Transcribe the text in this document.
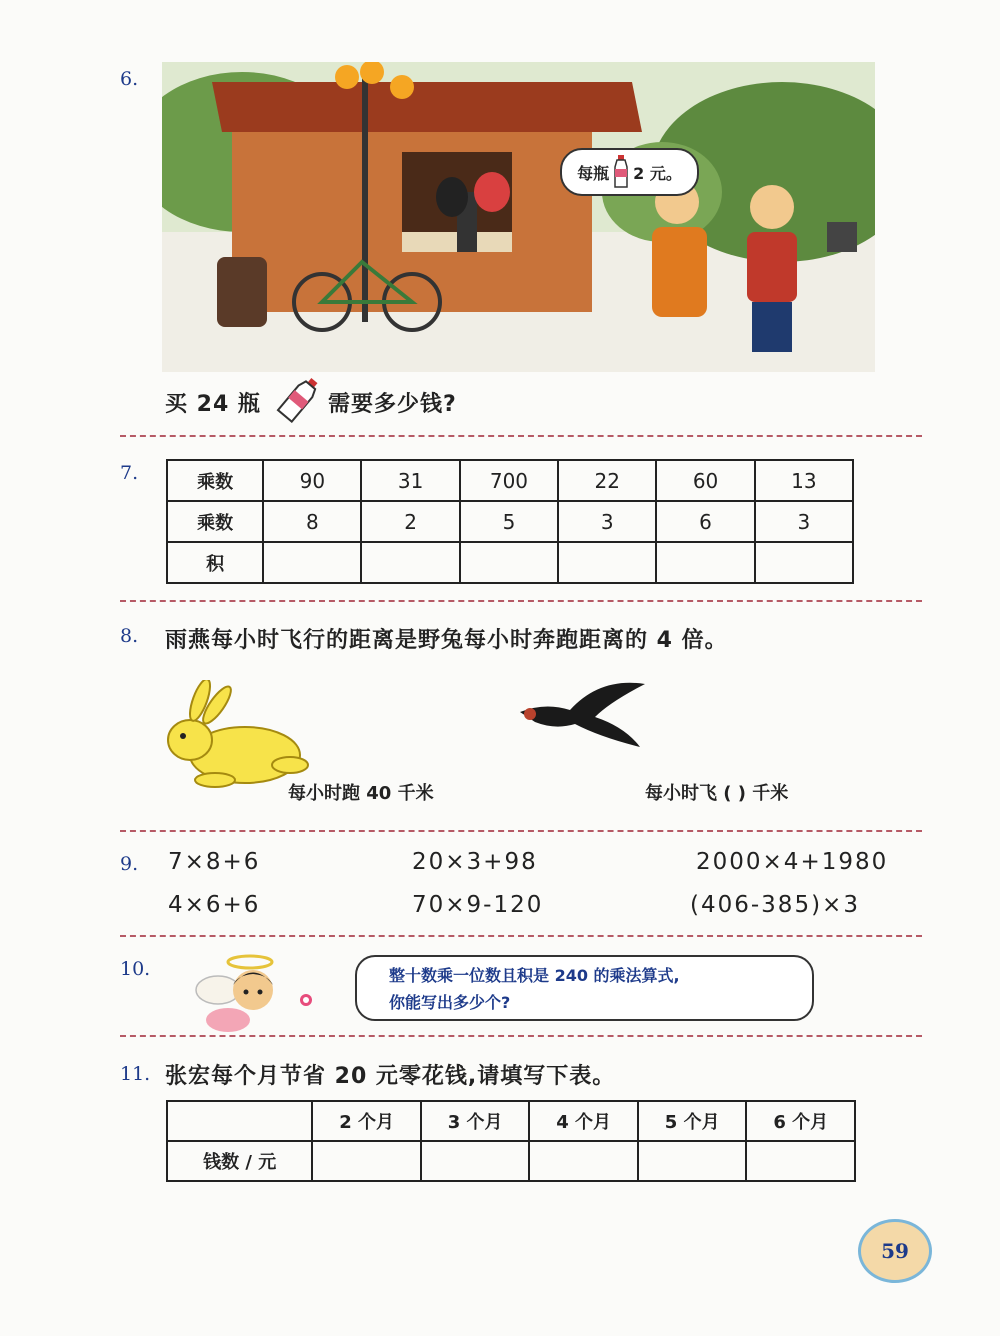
6.
每瓶 2 元。
买 24 瓶	需要多少钱?
7.	乘数	90	31	700	22	60	13
乘数	8	2	5	3	6	3
积						
8. 雨燕每小时飞行的距离是野兔每小时奔跑距离的 4 倍。
每小时跑 40 千米	每小时飞 ( ) 千米
9. 7×8+6	20×3+98	2000×4+1980
4×6+6	70×9-120	(406-385)×3
10.	整十数乘一位数且积是 240 的乘法算式,
你能写出多少个?
11. 张宏每个月节省 20 元零花钱,请填写下表。
	2 个月	3 个月	4 个月	5 个月	6 个月
钱数 / 元					
59
